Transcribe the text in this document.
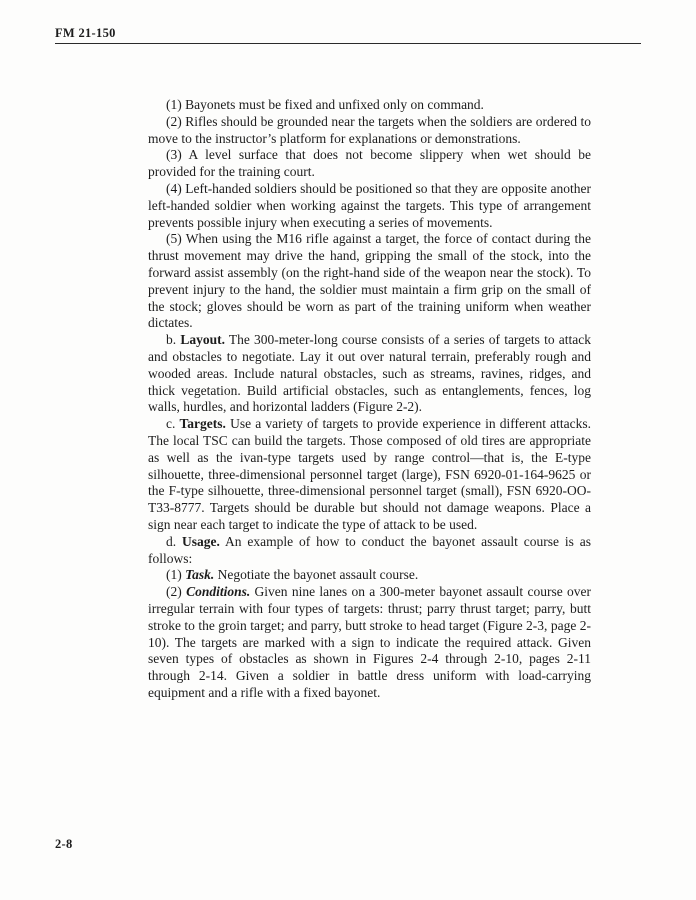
FM 21-150

(1) Bayonets must be fixed and unfixed only on command.

(2) Rifles should be grounded near the targets when the soldiers are ordered to move to the instructor’s platform for explanations or demonstrations.

(3) A level surface that does not become slippery when wet should be provided for the training court.

(4) Left-handed soldiers should be positioned so that they are opposite another left-handed soldier when working against the targets. This type of arrangement prevents possible injury when executing a series of movements.

(5) When using the M16 rifle against a target, the force of contact during the thrust movement may drive the hand, gripping the small of the stock, into the forward assist assembly (on the right-hand side of the weapon near the stock). To prevent injury to the hand, the soldier must maintain a firm grip on the small of the stock; gloves should be worn as part of the training uniform when weather dictates.

b. Layout. The 300-meter-long course consists of a series of targets to attack and obstacles to negotiate. Lay it out over natural terrain, preferably rough and wooded areas. Include natural obstacles, such as streams, ravines, ridges, and thick vegetation. Build artificial obstacles, such as entanglements, fences, log walls, hurdles, and horizontal ladders (Figure 2-2).

c. Targets. Use a variety of targets to provide experience in different attacks. The local TSC can build the targets. Those composed of old tires are appropriate as well as the ivan-type targets used by range control—that is, the E-type silhouette, three-dimensional personnel target (large), FSN 6920-01-164-9625 or the F-type silhouette, three-dimensional personnel target (small), FSN 6920-OO-T33-8777. Targets should be durable but should not damage weapons. Place a sign near each target to indicate the type of attack to be used.

d. Usage. An example of how to conduct the bayonet assault course is as follows:

(1) Task. Negotiate the bayonet assault course.

(2) Conditions. Given nine lanes on a 300-meter bayonet assault course over irregular terrain with four types of targets: thrust; parry thrust target; parry, butt stroke to the groin target; and parry, butt stroke to head target (Figure 2-3, page 2-10). The targets are marked with a sign to indicate the required attack. Given seven types of obstacles as shown in Figures 2-4 through 2-10, pages 2-11 through 2-14. Given a soldier in battle dress uniform with load-carrying equipment and a rifle with a fixed bayonet.

2-8
